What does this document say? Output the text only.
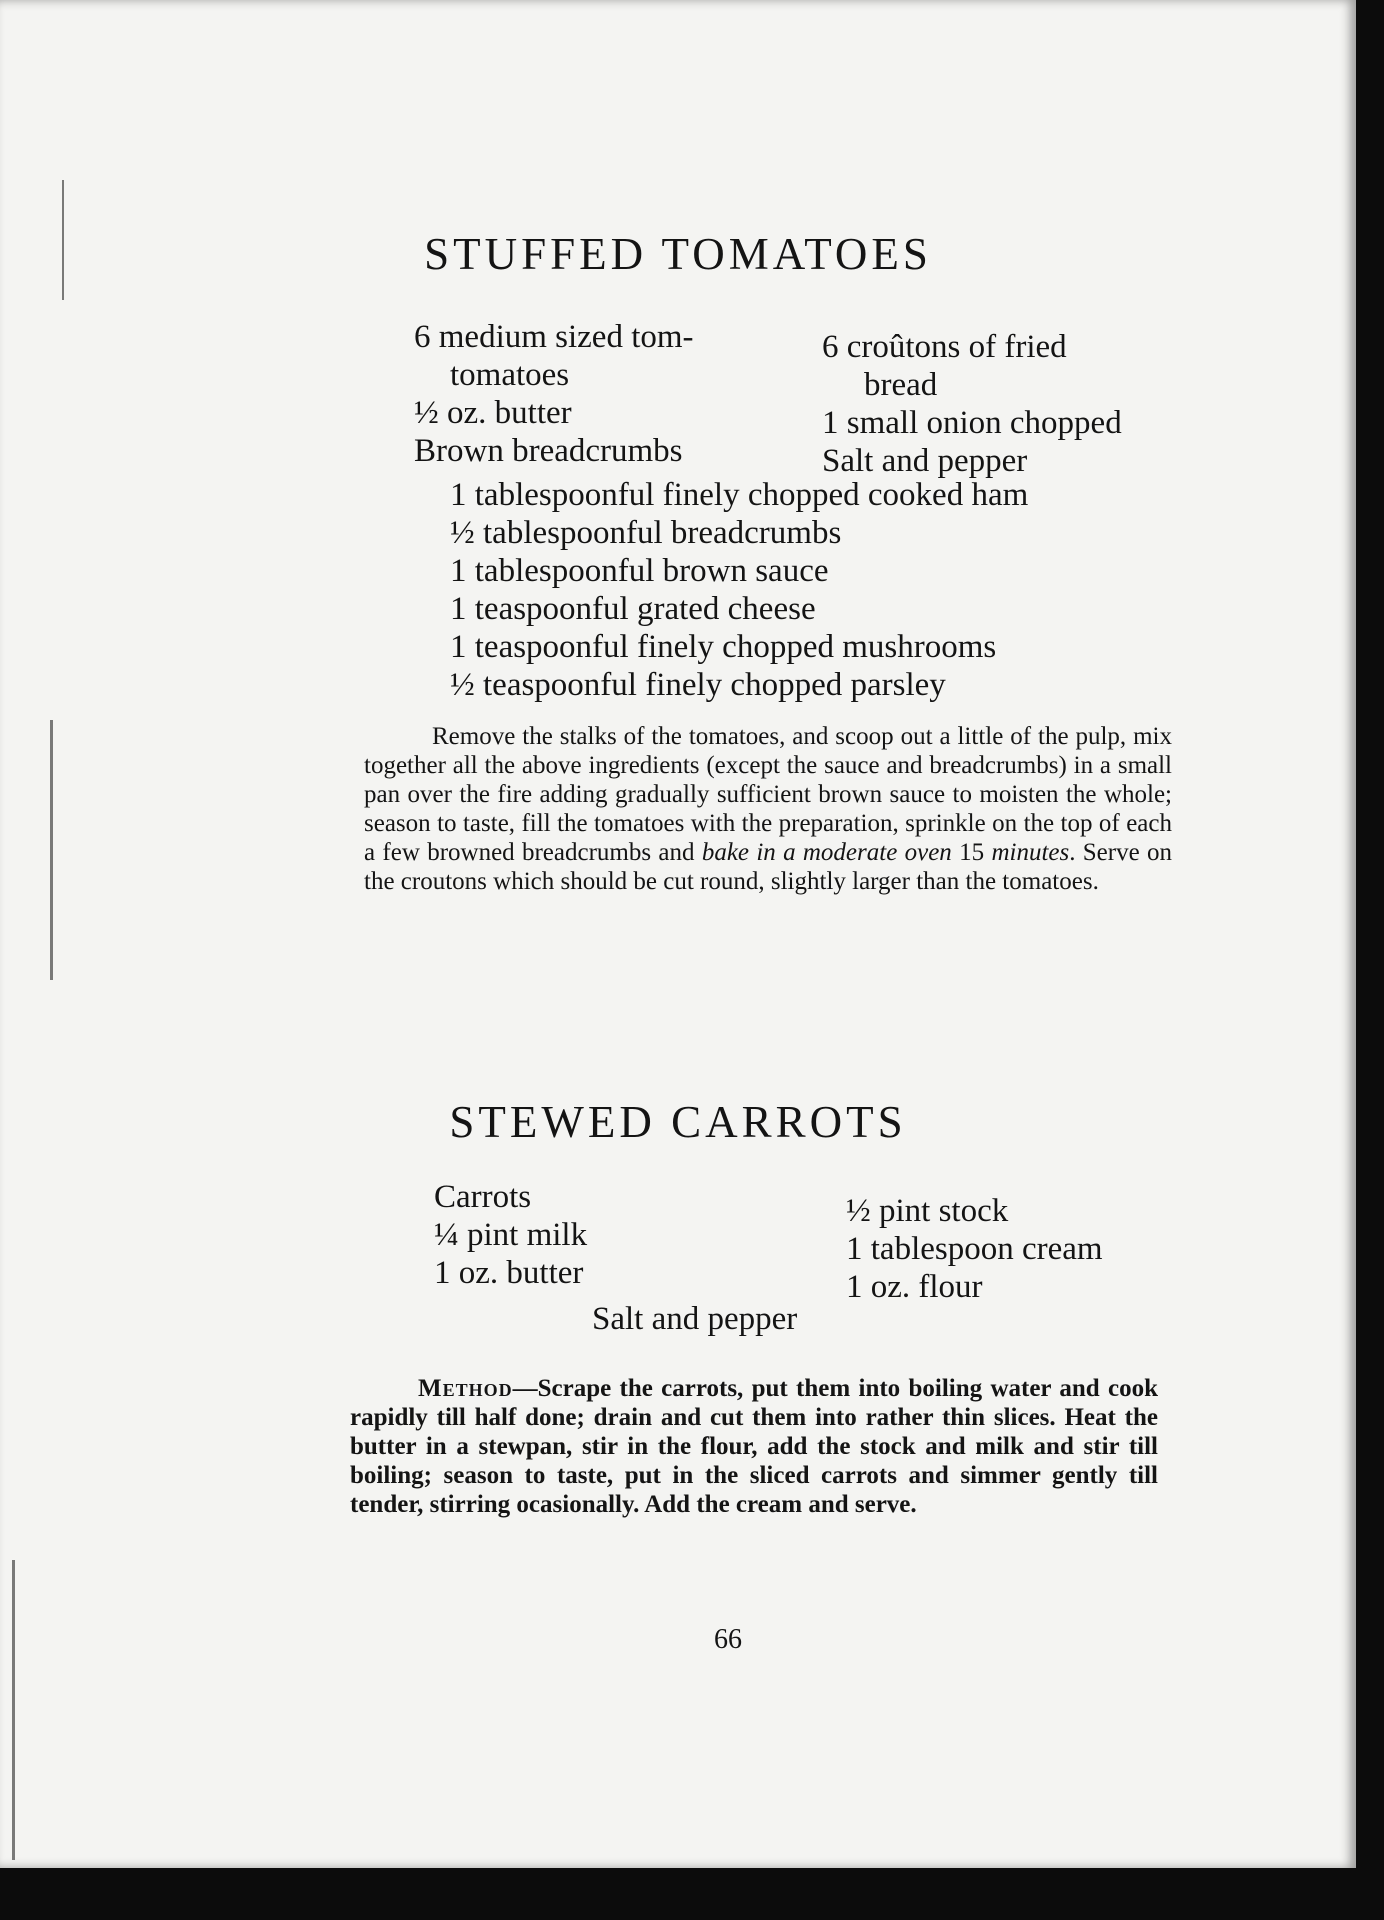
STUFFED TOMATOES
6 medium sized tom-
tomatoes
½ oz. butter
Brown breadcrumbs
6 croûtons of fried
bread
1 small onion chopped
Salt and pepper
1 tablespoonful finely chopped cooked ham
½ tablespoonful breadcrumbs
1 tablespoonful brown sauce
1 teaspoonful grated cheese
1 teaspoonful finely chopped mushrooms
½ teaspoonful finely chopped parsley

Remove the stalks of the tomatoes, and scoop out a little of the pulp, mix together all the above ingredients (except the sauce and breadcrumbs) in a small pan over the fire adding gradually sufficient brown sauce to moisten the whole; season to taste, fill the tomatoes with the preparation, sprinkle on the top of each a few browned breadcrumbs and bake in a moderate oven 15 minutes. Serve on the croutons which should be cut round, slightly larger than the tomatoes.

STEWED CARROTS
Carrots
¼ pint milk
1 oz. butter
½ pint stock
1 tablespoon cream
1 oz. flour
Salt and pepper

Method—Scrape the carrots, put them into boiling water and cook rapidly till half done; drain and cut them into rather thin slices. Heat the butter in a stewpan, stir in the flour, add the stock and milk and stir till boiling; season to taste, put in the sliced carrots and simmer gently till tender, stirring ocasionally. Add the cream and serve.

66
